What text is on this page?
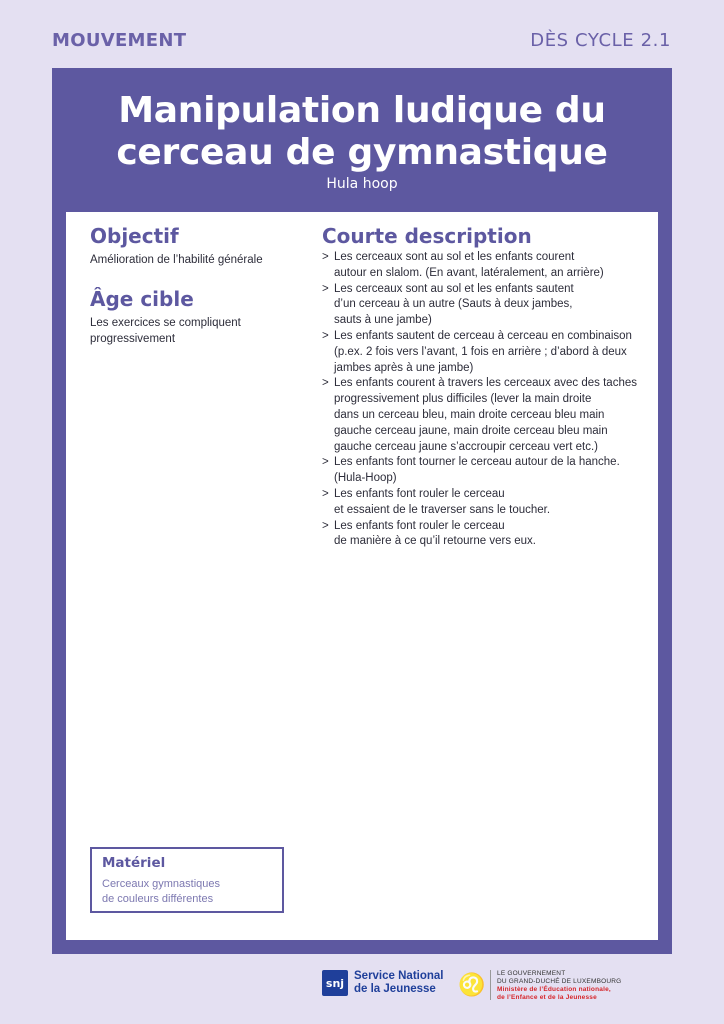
MOUVEMENT	DÈS CYCLE 2.1
Manipulation ludique du
cerceau de gymnastique
Hula hoop
Objectif
Amélioration de l’habilité générale
Âge cible
Les exercices se compliquent progressivement
Courte description
> Les cerceaux sont au sol et les enfants courent
autour en slalom. (En avant, latéralement, an arrière)
> Les cerceaux sont au sol et les enfants sautent
d’un cerceau à un autre (Sauts à deux jambes,
sauts à une jambe)
> Les enfants sautent de cerceau à cerceau en combinaison
(p.ex. 2 fois vers l’avant, 1 fois en arrière ; d’abord à deux
jambes après à une jambe)
> Les enfants courent à travers les cerceaux avec des taches
progressivement plus difficiles (lever la main droite
dans un cerceau bleu, main droite cerceau bleu main
gauche cerceau jaune, main droite cerceau bleu main
gauche cerceau jaune s’accroupir cerceau vert etc.)
> Les enfants font tourner le cerceau autour de la hanche.
(Hula-Hoop)
> Les enfants font rouler le cerceau
et essaient de le traverser sans le toucher.
> Les enfants font rouler le cerceau
de manière à ce qu’il retourne vers eux.
Matériel
Cerceaux gymnastiques
de couleurs différentes
snj
Service National
de la Jeunesse	♌ LE GOUVERNEMENT
DU GRAND-DUCHÉ DE LUXEMBOURG
Ministère de l’Éducation nationale,
de l’Enfance et de la Jeunesse
